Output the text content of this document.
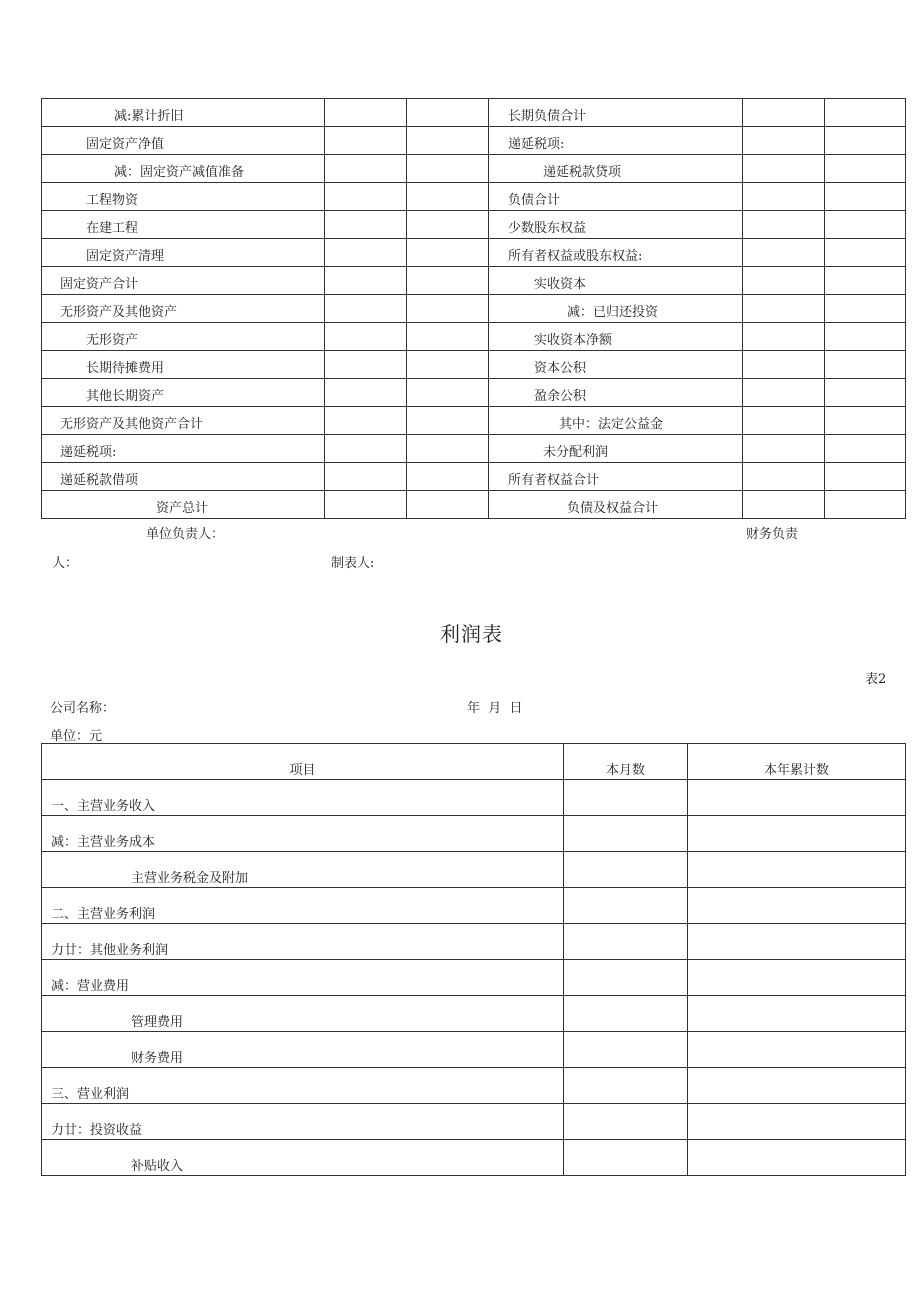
减:累计折旧			长期负债合计		
固定资产净值			递延税项:		
减：固定资产减值准备			递延税款贷项		
工程物资			负债合计		
在建工程			少数股东权益		
固定资产清理			所有者权益或股东权益:		
固定资产合计			实收资本		
无形资产及其他资产			减：已归还投资		
无形资产			实收资本净额		
长期待摊费用			资本公积		
其他长期资产			盈余公积		
无形资产及其他资产合计			其中：法定公益金		
递延税项:			未分配利润		
递延税款借项			所有者权益合计		
资产总计			负债及权益合计		
单位负责人：	财务负责
人：	制表人:
利润表
表2
公司名称：	年  月  日
单位：元
项目	本月数	本年累计数
一、主营业务收入		
减：主营业务成本		
主营业务税金及附加		
二、主营业务利润		
力廿：其他业务利润		
减：营业费用		
管理费用		
财务费用		
三、营业利润		
力廿：投资收益		
补贴收入		
